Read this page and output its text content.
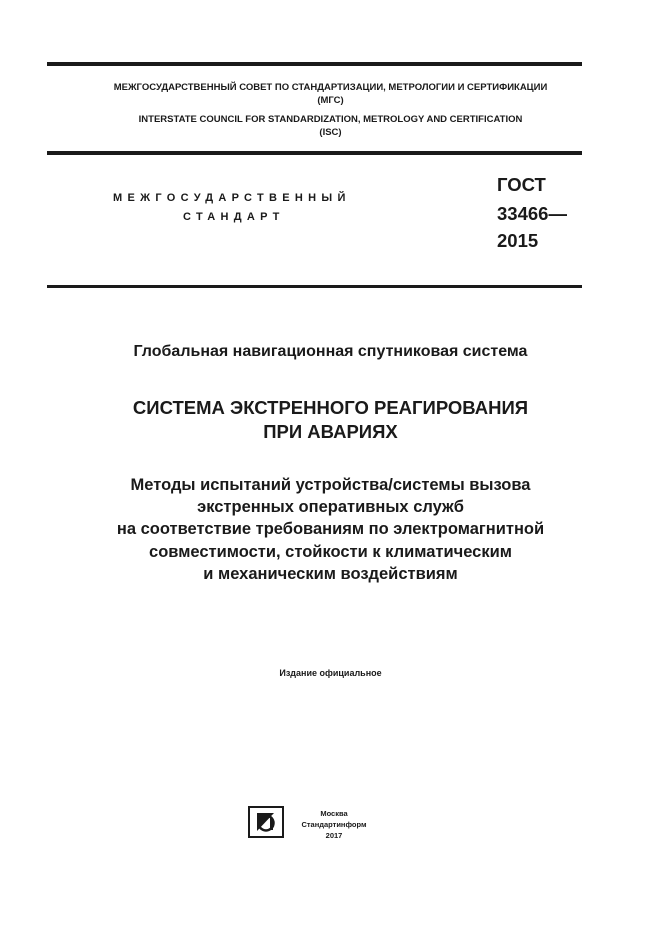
МЕЖГОСУДАРСТВЕННЫЙ СОВЕТ ПО СТАНДАРТИЗАЦИИ, МЕТРОЛОГИИ И СЕРТИФИКАЦИИ
(МГС)
INTERSTATE COUNCIL FOR STANDARDIZATION, METROLOGY AND CERTIFICATION
(ISC)
МЕЖГОСУДАРСТВЕННЫЙ
СТАНДАРТ
ГОСТ
33466—
2015
Глобальная навигационная спутниковая система
СИСТЕМА ЭКСТРЕННОГО РЕАГИРОВАНИЯ
ПРИ АВАРИЯХ
Методы испытаний устройства/системы вызова
экстренных оперативных служб
на соответствие требованиям по электромагнитной
совместимости, стойкости к климатическим
и механическим воздействиям
Издание официальное
Москва
Стандартинформ
2017
